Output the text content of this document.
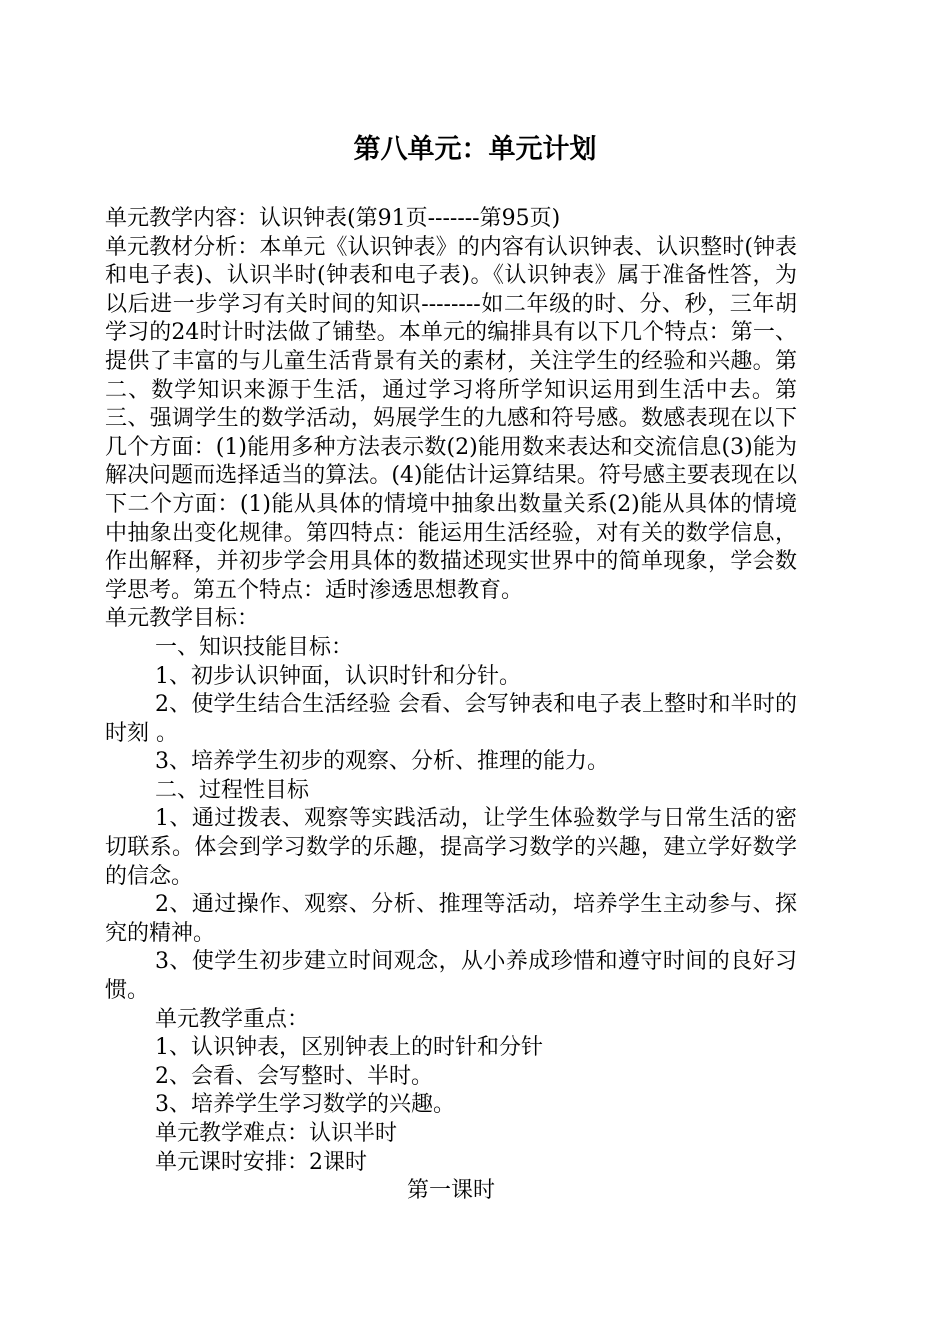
第八单元：单元计划

单元教学内容：认识钟表(第91页-------第95页)

单元教材分析：本单元《认识钟表》的内容有认识钟表、认识整时(钟表和电子表)、认识半时(钟表和电子表)。《认识钟表》属于准备性答，为以后进一步学习有关时间的知识--------如二年级的时、分、秒，三年胡学习的24时计时法做了铺垫。本单元的编排具有以下几个特点：第一、提供了丰富的与儿童生活背景有关的素材，关注学生的经验和兴趣。第二、数学知识来源于生活，通过学习将所学知识运用到生活中去。第三、强调学生的数学活动，妈展学生的九感和符号感。数感表现在以下几个方面：(1)能用多种方法表示数(2)能用数来表达和交流信息(3)能为解决问题而选择适当的算法。(4)能估计运算结果。符号感主要表现在以下二个方面：(1)能从具体的情境中抽象出数量关系(2)能从具体的情境中抽象出变化规律。第四特点：能运用生活经验，对有关的数学信息，作出解释，并初步学会用具体的数描述现实世界中的简单现象，学会数学思考。第五个特点：适时渗透思想教育。

单元教学目标：

一、知识技能目标：

1、初步认识钟面，认识时针和分针。

2、使学生结合生活经验 会看、会写钟表和电子表上整时和半时的时刻 。

3、培养学生初步的观察、分析、推理的能力。

二、过程性目标

1、通过拨表、观察等实践活动，让学生体验数学与日常生活的密切联系。体会到学习数学的乐趣，提高学习数学的兴趣，建立学好数学的信念。

2、通过操作、观察、分析、推理等活动，培养学生主动参与、探究的精神。

3、使学生初步建立时间观念，从小养成珍惜和遵守时间的良好习惯。

单元教学重点：

1、认识钟表，区别钟表上的时针和分针

2、会看、会写整时、半时。

3、培养学生学习数学的兴趣。

单元教学难点：认识半时

单元课时安排：2课时

第一课时
